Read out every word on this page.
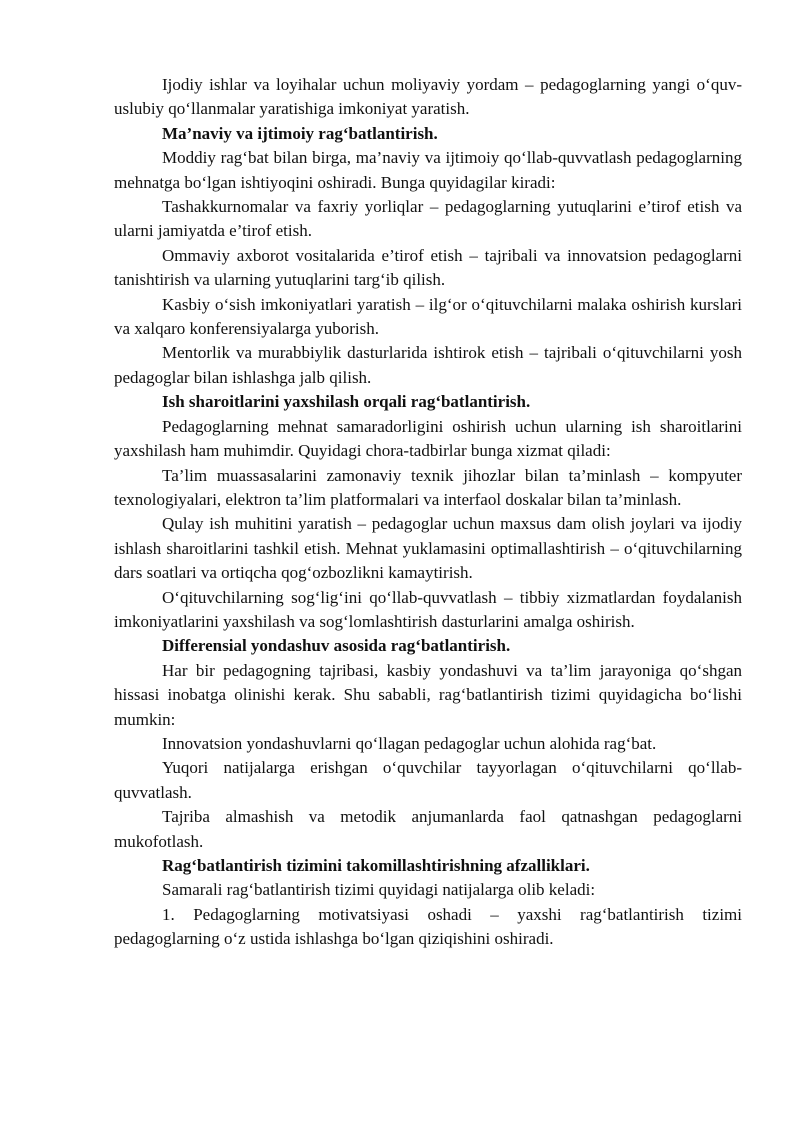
Ijodiy ishlar va loyihalar uchun moliyaviy yordam – pedagoglarning yangi o‘quv-uslubiy qo‘llanmalar yaratishiga imkoniyat yaratish.

Ma’naviy va ijtimoiy rag‘batlantirish.

Moddiy rag‘bat bilan birga, ma’naviy va ijtimoiy qo‘llab-quvvatlash pedagoglarning mehnatga bo‘lgan ishtiyoqini oshiradi. Bunga quyidagilar kiradi:

Tashakkurnomalar va faxriy yorliqlar – pedagoglarning yutuqlarini e’tirof etish va ularni jamiyatda e’tirof etish.

Ommaviy axborot vositalarida e’tirof etish – tajribali va innovatsion pedagoglarni tanishtirish va ularning yutuqlarini targ‘ib qilish.

Kasbiy o‘sish imkoniyatlari yaratish – ilg‘or o‘qituvchilarni malaka oshirish kurslari va xalqaro konferensiyalarga yuborish.

Mentorlik va murabbiylik dasturlarida ishtirok etish – tajribali o‘qituvchilarni yosh pedagoglar bilan ishlashga jalb qilish.

Ish sharoitlarini yaxshilash orqali rag‘batlantirish.

Pedagoglarning mehnat samaradorligini oshirish uchun ularning ish sharoitlarini yaxshilash ham muhimdir. Quyidagi chora-tadbirlar bunga xizmat qiladi:

Ta’lim muassasalarini zamonaviy texnik jihozlar bilan ta’minlash – kompyuter texnologiyalari, elektron ta’lim platformalari va interfaol doskalar bilan ta’minlash.

Qulay ish muhitini yaratish – pedagoglar uchun maxsus dam olish joylari va ijodiy ishlash sharoitlarini tashkil etish. Mehnat yuklamasini optimallashtirish – o‘qituvchilarning dars soatlari va ortiqcha qog‘ozbozlikni kamaytirish.

O‘qituvchilarning sog‘lig‘ini qo‘llab-quvvatlash – tibbiy xizmatlardan foydalanish imkoniyatlarini yaxshilash va sog‘lomlashtirish dasturlarini amalga oshirish.

Differensial yondashuv asosida rag‘batlantirish.

Har bir pedagogning tajribasi, kasbiy yondashuvi va ta’lim jarayoniga qo‘shgan hissasi inobatga olinishi kerak. Shu sababli, rag‘batlantirish tizimi quyidagicha bo‘lishi mumkin:

Innovatsion yondashuvlarni qo‘llagan pedagoglar uchun alohida rag‘bat.

Yuqori natijalarga erishgan o‘quvchilar tayyorlagan o‘qituvchilarni qo‘llab-quvvatlash.

Tajriba almashish va metodik anjumanlarda faol qatnashgan pedagoglarni mukofotlash.

Rag‘batlantirish tizimini takomillashtirishning afzalliklari.

Samarali rag‘batlantirish tizimi quyidagi natijalarga olib keladi:

1. Pedagoglarning motivatsiyasi oshadi – yaxshi rag‘batlantirish tizimi pedagoglarning o‘z ustida ishlashga bo‘lgan qiziqishini oshiradi.
